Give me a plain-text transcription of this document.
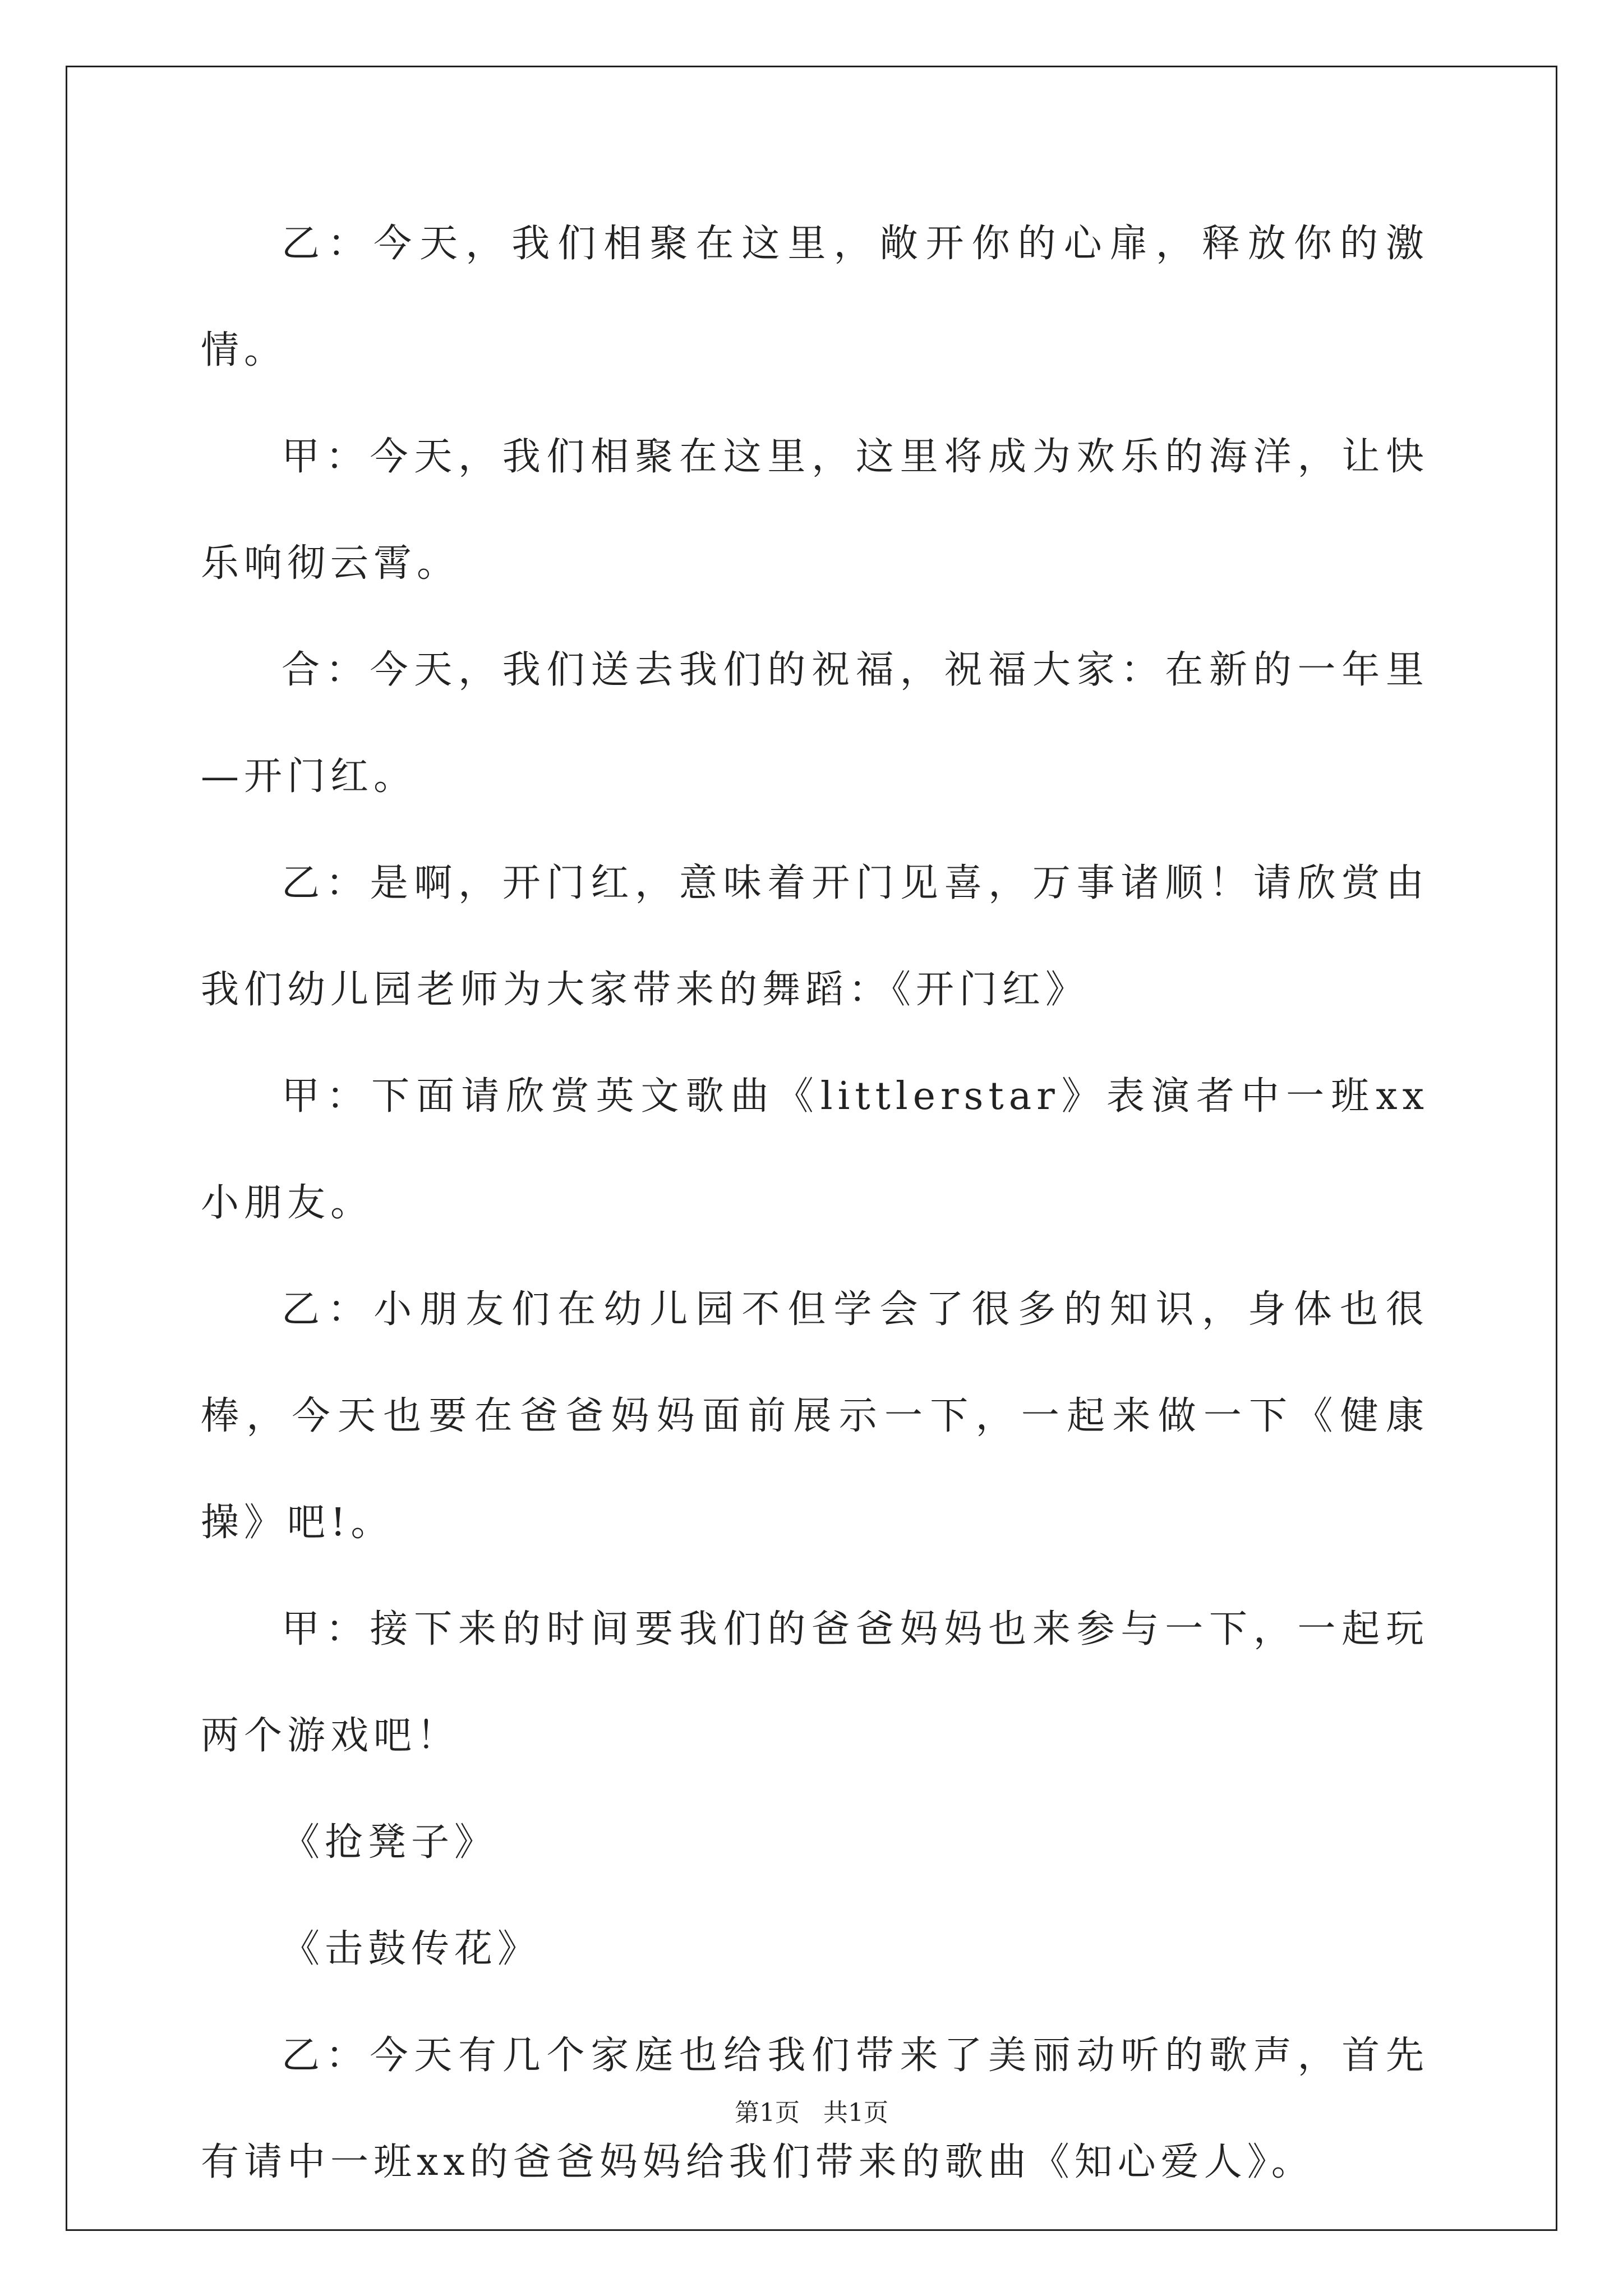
乙：今天，我们相聚在这里，敞开你的心扉，释放你的激情。

甲：今天，我们相聚在这里，这里将成为欢乐的海洋，让快乐响彻云霄。

合：今天，我们送去我们的祝福，祝福大家：在新的一年里—开门红。

乙：是啊，开门红，意味着开门见喜，万事诸顺！请欣赏由我们幼儿园老师为大家带来的舞蹈：《开门红》

甲：下面请欣赏英文歌曲《littlerstar》表演者中一班xx小朋友。

乙：小朋友们在幼儿园不但学会了很多的知识，身体也很棒，今天也要在爸爸妈妈面前展示一下，一起来做一下《健康操》吧!。

甲：接下来的时间要我们的爸爸妈妈也来参与一下，一起玩两个游戏吧！

《抢凳子》

《击鼓传花》

乙：今天有几个家庭也给我们带来了美丽动听的歌声，首先有请中一班xx的爸爸妈妈给我们带来的歌曲《知心爱人》。

第1页   共1页
